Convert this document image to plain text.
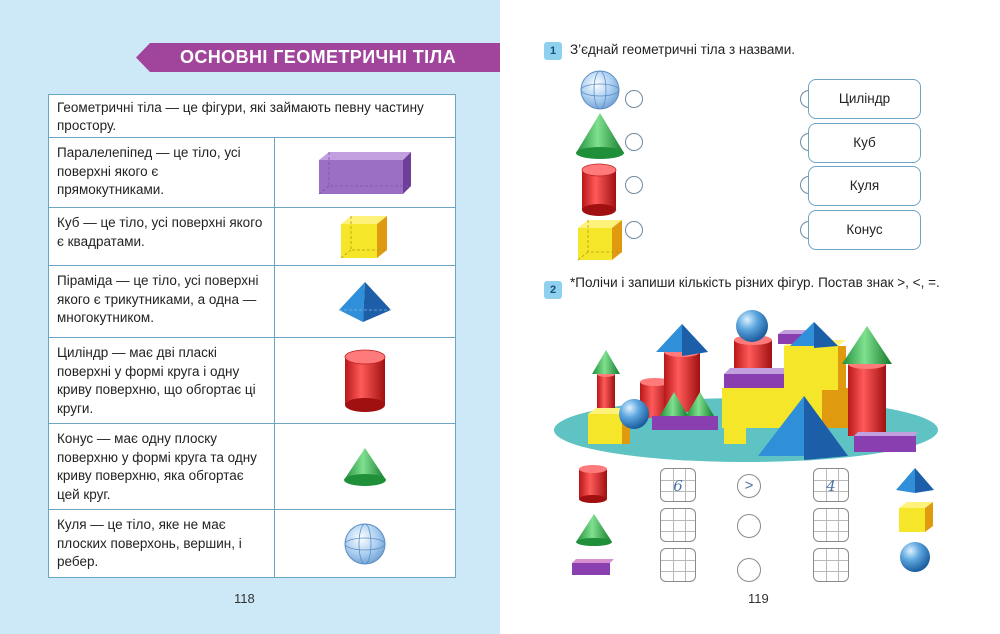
ОСНОВНІ ГЕОМЕТРИЧНІ ТІЛА
Геометричні тіла — це фігури, які займають певну частину простору.
Паралелепіпед — це тіло, усі поверхні якого є прямокутниками.
Куб — це тіло, усі поверхні якого є квадратами.
Піраміда — це тіло, усі поверхні якого є трикутниками, а одна — многокутником.
Циліндр — має дві плаcкі поверхні у формі круга і одну криву поверхню, що обгортає ці круги.
Конус — має одну плоску поверхню у формі круга та одну криву поверхню, яка обгортає цей круг.
Куля — це тіло, яке не має плоских поверхонь, вершин, і ребер.
118
1	З’єднай геометричні тіла з назвами.
Циліндр
Куб
Куля
Конус
2	*Полічи і запиши кількість різних фігур. Постав знак >, <, =.
6	>	4
119
